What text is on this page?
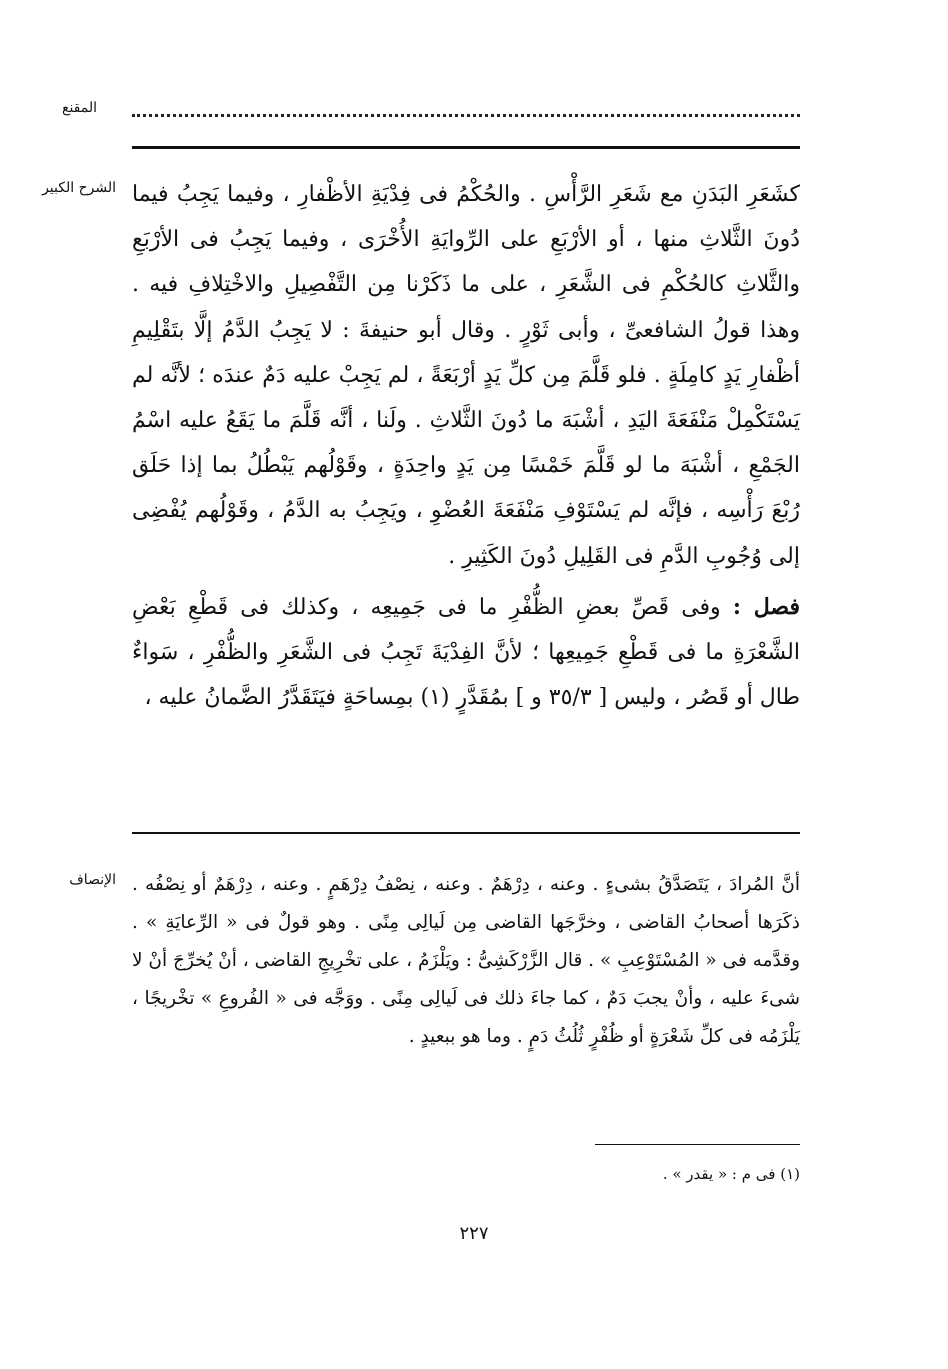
المقنع
الشرح الكبير كشَعَرِ البَدَنِ مع شَعَرِ الرَّأْسِ . والحُكْمُ فى فِدْيَةِ الأظْفارِ ، وفيما يَجِبُ فيما دُونَ الثَّلاثِ منها ، أو الأرْبَعِ على الرِّوايَةِ الأُخْرَى ، وفيما يَجِبُ فى الأرْبَعِ والثَّلاثِ كالحُكْمِ فى الشَّعَرِ ، على ما ذَكَرْنا مِن التَّفْصِيلِ والاخْتِلافِ فيه . وهذا قولُ الشافعىِّ ، وأبى ثَوْرٍ . وقال أبو حنيفةَ : لا يَجِبُ الدَّمُ إلَّا بتَقْلِيمِ أظْفارِ يَدٍ كامِلَةٍ . فلو قَلَّمَ مِن كلِّ يَدٍ أرْبَعَةً ، لم يَجِبْ عليه دَمٌ عندَه ؛ لأنَّه لم يَسْتَكْمِلْ مَنْفَعَةَ اليَدِ ، أشْبَهَ ما دُونَ الثَّلاثِ . ولَنا ، أنَّه قَلَّمَ ما يَقَعُ عليه اسْمُ الجَمْعِ ، أشْبَهَ ما لو قَلَّمَ خَمْسًا مِن يَدٍ واحِدَةٍ ، وقَوْلُهم يَبْطُلُ بما إذا حَلَق رُبْعَ رَأْسِه ، فإنَّه لم يَسْتَوْفِ مَنْفَعَةَ العُضْوِ ، ويَجِبُ به الدَّمُ ، وقَوْلُهم يُفْضِى إلى وُجُوبِ الدَّمِ فى القَلِيلِ دُونَ الكَثِيرِ .

فصل : وفى قَصِّ بعضِ الظُّفْرِ ما فى جَمِيعِه ، وكذلك فى قَطْعِ بَعْضِ الشَّعْرَةِ ما فى قَطْعِ جَمِيعِها ؛ لأنَّ الفِدْيَةَ تَجِبُ فى الشَّعَرِ والظُّفْرِ ، سَواءٌ طال أو قَصُر ، وليس [ ٣٥/٣ و ] بمُقَدَّرٍ (١) بمِساحَةٍ فيَتَقَدَّرُ الضَّمانُ عليه ،

الإنصاف أنَّ المُرادَ ، يَتَصَدَّقُ بشىءٍ . وعنه ، دِرْهَمٌ . وعنه ، نِصْفُ دِرْهَمٍ . وعنه ، دِرْهَمٌ أو نِصْفُه . ذكَرَها أصحابُ القاضى ، وخرَّجَها القاضى مِن لَيالِى مِنًى . وهو قولٌ فى « الرِّعايَةِ » . وقدَّمه فى « المُسْتَوْعِبِ » . قال الزَّرْكَشِىُّ : ويَلْزَمُ ، على تخْرِيجِ القاضى ، أنْ يُخرِّجَ أنْ لا شىءَ عليه ، وأنْ يجبَ دَمٌ ، كما جاءَ ذلك فى لَيالِى مِنًى . ووَجَّه فى « الفُروعِ » تخْريجًا ، يَلْزَمُه فى كلِّ شَعْرَةٍ أو ظُفْرٍ ثُلُثُ دَمٍ . وما هو ببعيدٍ .

(١) فى م : « يقدر » .
٢٢٧
